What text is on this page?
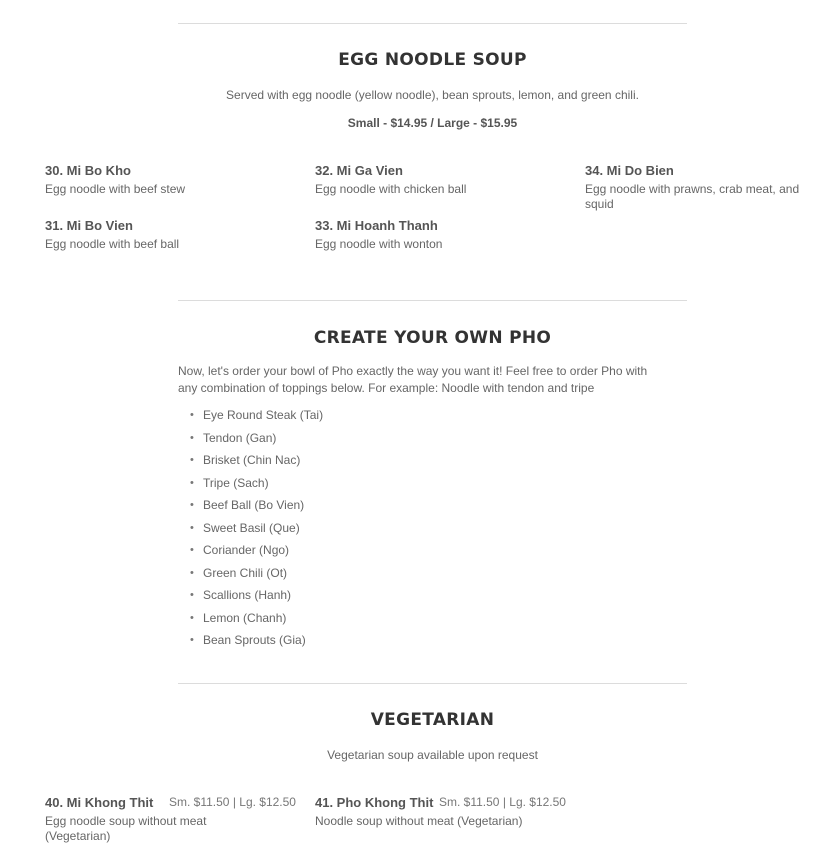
EGG NOODLE SOUP
Served with egg noodle (yellow noodle), bean sprouts, lemon, and green chili.
Small - $14.95 / Large - $15.95
30. Mi Bo Kho
Egg noodle with beef stew
31. Mi Bo Vien
Egg noodle with beef ball
32. Mi Ga Vien
Egg noodle with chicken ball
33. Mi Hoanh Thanh
Egg noodle with wonton
34. Mi Do Bien
Egg noodle with prawns, crab meat, and squid
CREATE YOUR OWN PHO
Now, let's order your bowl of Pho exactly the way you want it! Feel free to order Pho with any combination of toppings below. For example: Noodle with tendon and tripe
• Eye Round Steak (Tai)
• Tendon (Gan)
• Brisket (Chin Nac)
• Tripe (Sach)
• Beef Ball (Bo Vien)
• Sweet Basil (Que)
• Coriander (Ngo)
• Green Chili (Ot)
• Scallions (Hanh)
• Lemon (Chanh)
• Bean Sprouts (Gia)
VEGETARIAN
Vegetarian soup available upon request
40. Mi Khong Thit
Egg noodle soup without meat (Vegetarian)
Sm. $11.50 | Lg. $12.50 41. Pho Khong Thit
Noodle soup without meat (Vegetarian)
Sm. $11.50 | Lg. $12.50
